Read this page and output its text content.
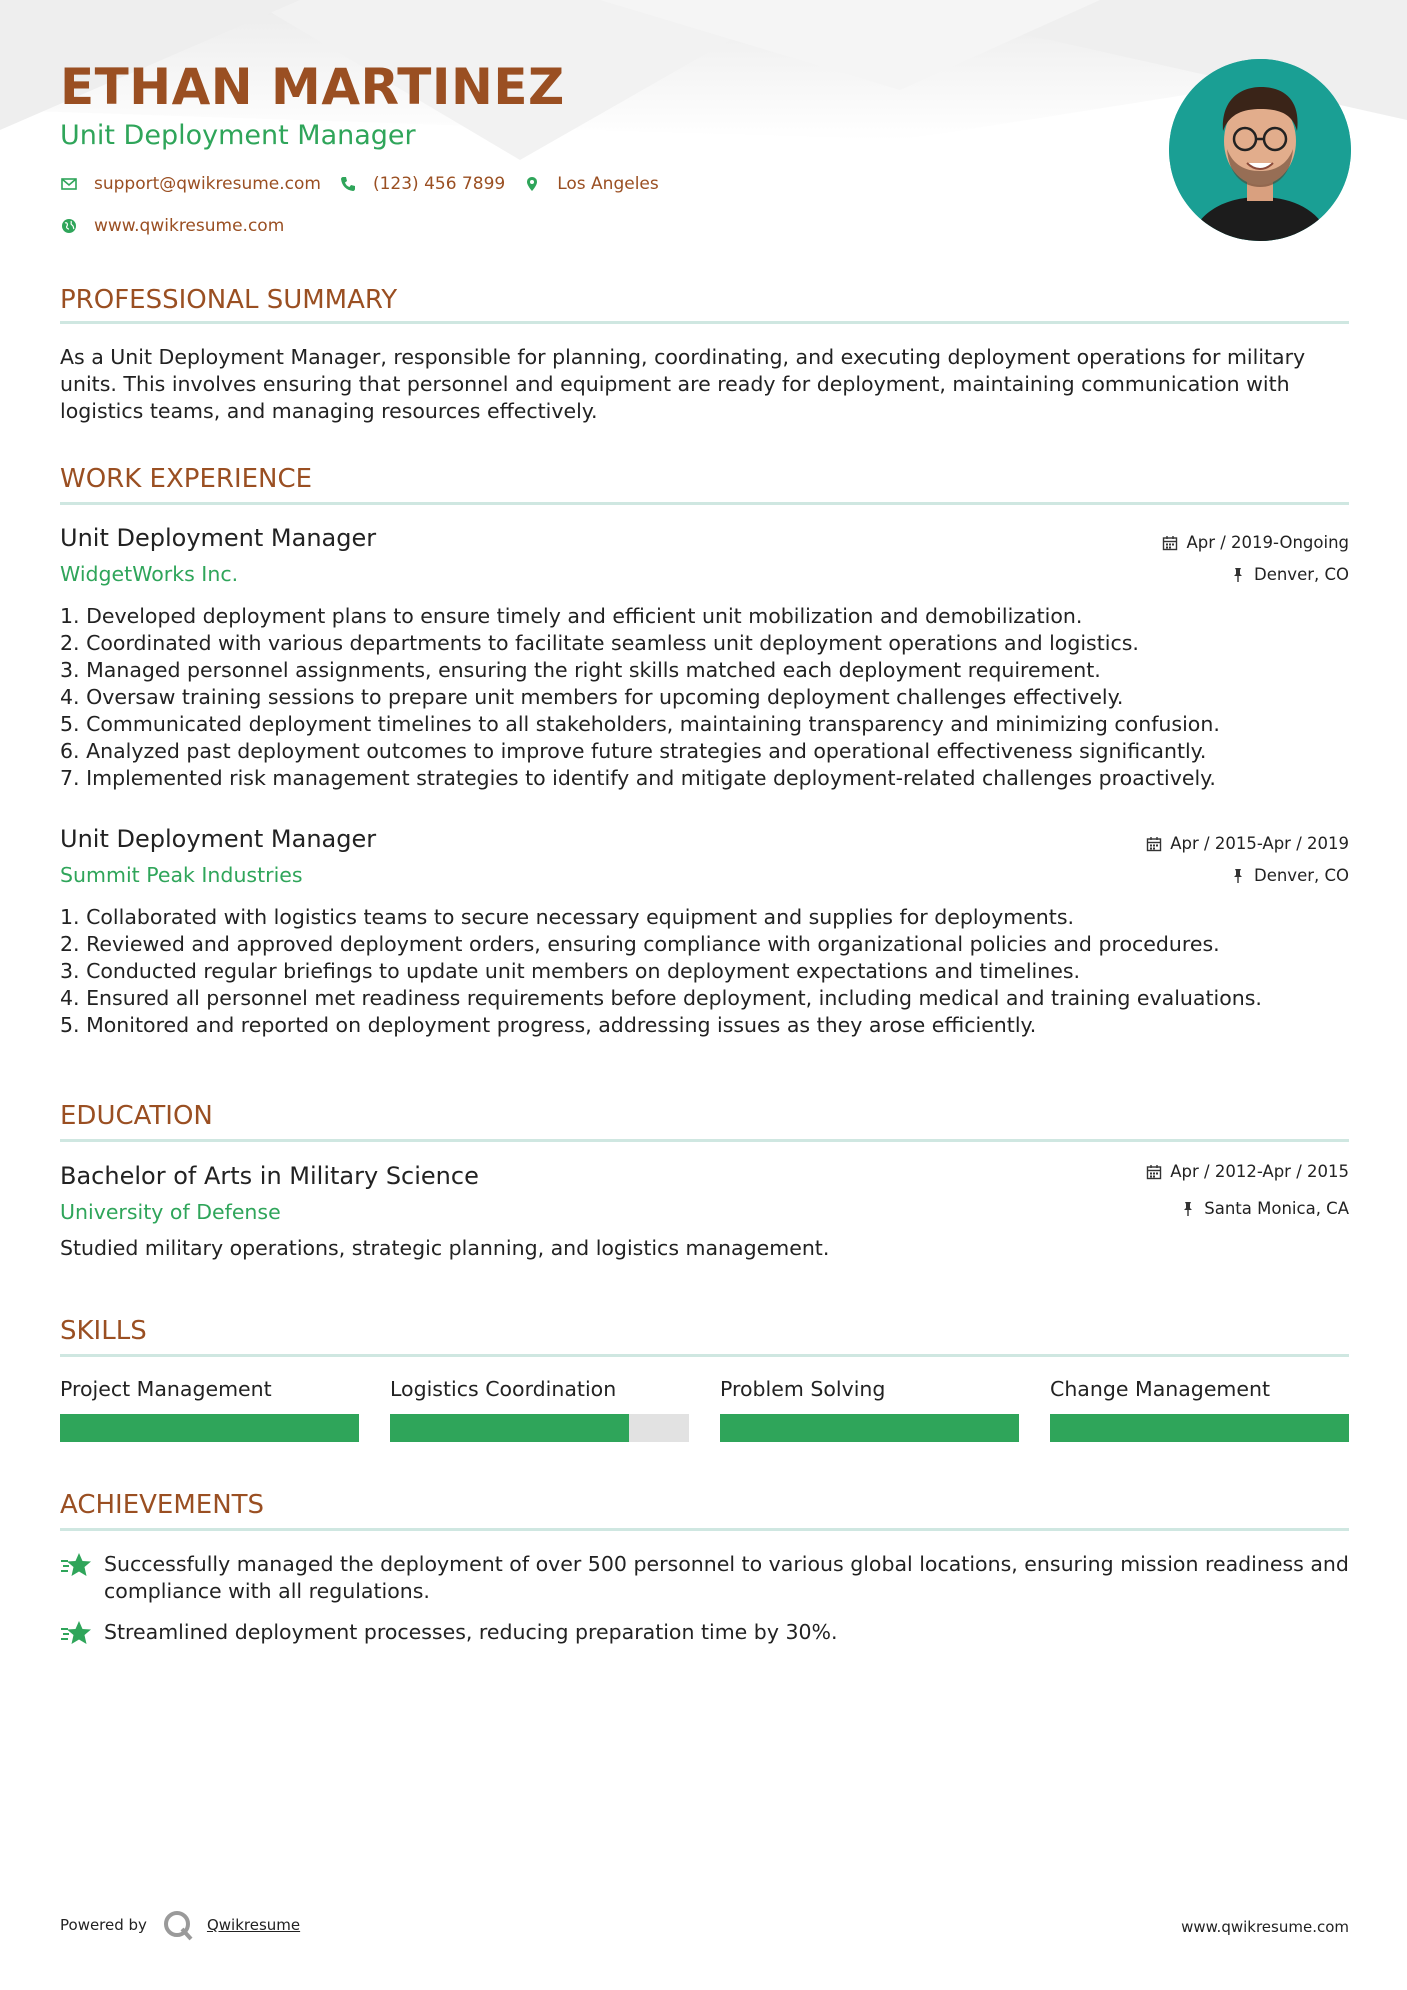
ETHAN MARTINEZ
Unit Deployment Manager
support@qwikresume.com	(123) 456 7899	Los Angeles
www.qwikresume.com
PROFESSIONAL SUMMARY
As a Unit Deployment Manager, responsible for planning, coordinating, and executing deployment operations for military units. This involves ensuring that personnel and equipment are ready for deployment, maintaining communication with logistics teams, and managing resources effectively.
WORK EXPERIENCE
Unit Deployment Manager
WidgetWorks Inc.
Apr / 2019-Ongoing
Denver, CO
1. Developed deployment plans to ensure timely and efficient unit mobilization and demobilization.
2. Coordinated with various departments to facilitate seamless unit deployment operations and logistics.
3. Managed personnel assignments, ensuring the right skills matched each deployment requirement.
4. Oversaw training sessions to prepare unit members for upcoming deployment challenges effectively.
5. Communicated deployment timelines to all stakeholders, maintaining transparency and minimizing confusion.
6. Analyzed past deployment outcomes to improve future strategies and operational effectiveness significantly.
7. Implemented risk management strategies to identify and mitigate deployment-related challenges proactively.
Unit Deployment Manager
Summit Peak Industries
Apr / 2015-Apr / 2019
Denver, CO
1. Collaborated with logistics teams to secure necessary equipment and supplies for deployments.
2. Reviewed and approved deployment orders, ensuring compliance with organizational policies and procedures.
3. Conducted regular briefings to update unit members on deployment expectations and timelines.
4. Ensured all personnel met readiness requirements before deployment, including medical and training evaluations.
5. Monitored and reported on deployment progress, addressing issues as they arose efficiently.
EDUCATION
Bachelor of Arts in Military Science
University of Defense
Apr / 2012-Apr / 2015
Santa Monica, CA
Studied military operations, strategic planning, and logistics management.
SKILLS
Project Management	Logistics Coordination	Problem Solving	Change Management
ACHIEVEMENTS
Successfully managed the deployment of over 500 personnel to various global locations, ensuring mission readiness and compliance with all regulations.
Streamlined deployment processes, reducing preparation time by 30%.
Powered by	Qwikresume	www.qwikresume.com
